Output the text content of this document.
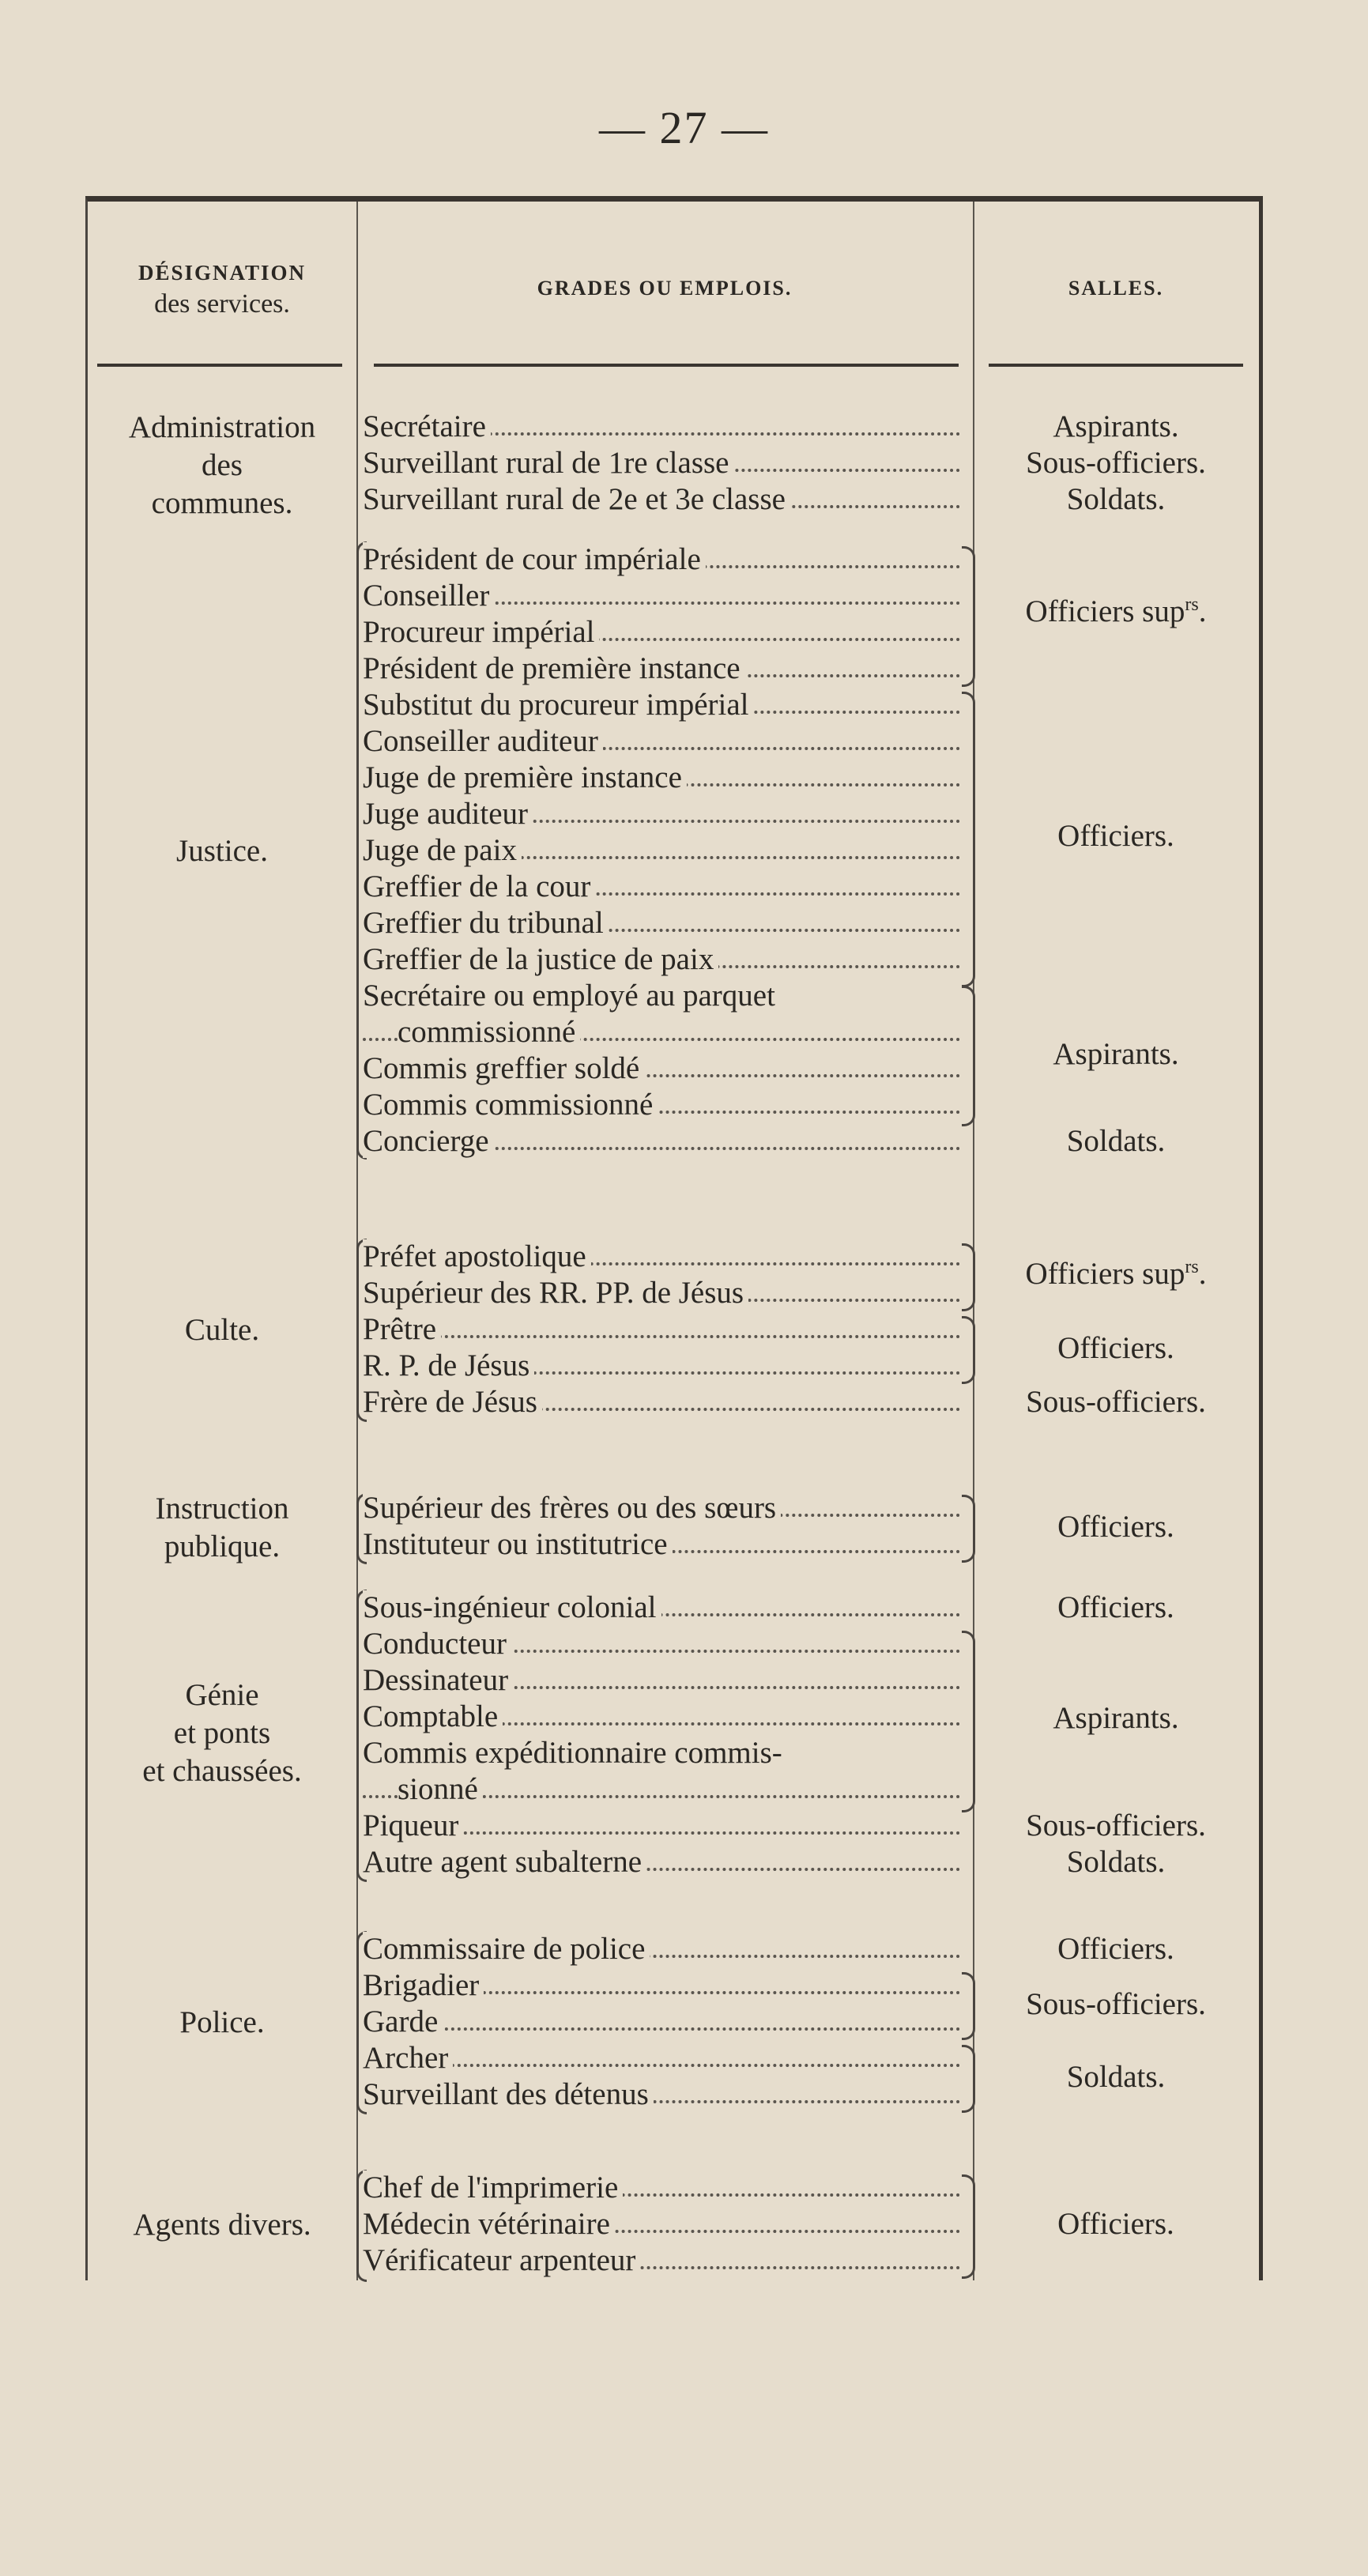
— 27 —
DÉSIGNATION
des services.
GRADES OU EMPLOIS.	SALLES.
Administration
des
communes.
Secrétaire
Surveillant rural de 1re classe
Surveillant rural de 2e et 3e classe
Aspirants.
Sous-officiers.
Soldats.
Justice.
Président de cour impériale
Conseiller
Procureur impérial
Président de première instance
Substitut du procureur impérial
Conseiller auditeur
Juge de première instance
Juge auditeur
Juge de paix
Greffier de la cour
Greffier du tribunal
Greffier de la justice de paix
Secrétaire ou employé au parquet
commissionné
Commis greffier soldé
Commis commissionné
Concierge
Officiers sup$^{rs}$.
Officiers.
Aspirants.
Soldats.
Culte.
Préfet apostolique
Supérieur des RR. PP. de Jésus
Prêtre
R. P. de Jésus
Frère de Jésus
Officiers sup$^{rs}$.
Officiers.
Sous-officiers.
Instruction
publique.
Supérieur des frères ou des sœurs
Instituteur ou institutrice
Officiers.
Génie
et ponts
et chaussées.
Sous-ingénieur colonial
Conducteur
Dessinateur
Comptable
Commis expéditionnaire commis-
sionné
Piqueur
Autre agent subalterne
Officiers.
Aspirants.
Sous-officiers.
Soldats.
Police.
Commissaire de police
Brigadier
Garde
Archer
Surveillant des détenus
Officiers.
Sous-officiers.
Soldats.
Agents divers.
Chef de l'imprimerie
Médecin vétérinaire
Vérificateur arpenteur
Officiers.
